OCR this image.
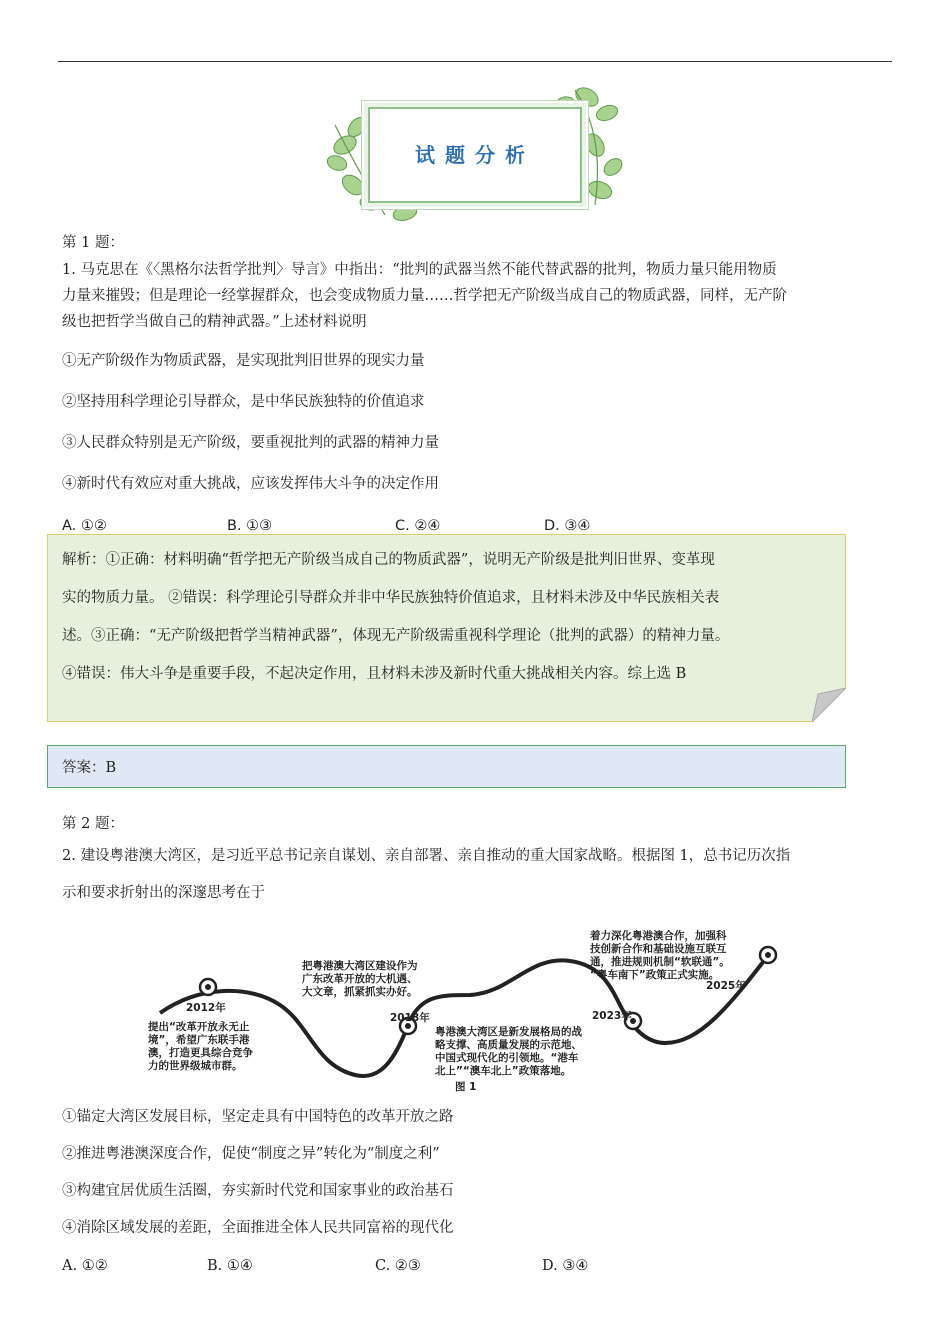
试题分析
第 1 题：
1. 马克思在《〈黑格尔法哲学批判〉导言》中指出：“批判的武器当然不能代替武器的批判，物质力量只能用物质
力量来摧毁；但是理论一经掌握群众，也会变成物质力量……哲学把无产阶级当成自己的物质武器，同样，无产阶
级也把哲学当做自己的精神武器。”上述材料说明
①无产阶级作为物质武器，是实现批判旧世界的现实力量
②坚持用科学理论引导群众，是中华民族独特的价值追求
③人民群众特别是无产阶级，要重视批判的武器的精神力量
④新时代有效应对重大挑战，应该发挥伟大斗争的决定作用
A. ①②	B. ①③	C. ②④	D. ③④
解析：①正确：材料明确“哲学把无产阶级当成自己的物质武器”，说明无产阶级是批判旧世界、变革现
实的物质力量。 ②错误：科学理论引导群众并非中华民族独特价值追求，且材料未涉及中华民族相关表
述。③正确：“无产阶级把哲学当精神武器”，体现无产阶级需重视科学理论（批判的武器）的精神力量。
④错误：伟大斗争是重要手段，不起决定作用，且材料未涉及新时代重大挑战相关内容。综上选 B
答案：B
第 2 题：
2. 建设粤港澳大湾区，是习近平总书记亲自谋划、亲自部署、亲自推动的重大国家战略。根据图 1，总书记历次指
示和要求折射出的深邃思考在于
2012年
2018年	2023年
2025年
提出“改革开放永无止
境”，希望广东联手港
澳，打造更具综合竞争
力的世界级城市群。
把粤港澳大湾区建设作为
广东改革开放的大机遇、
大文章，抓紧抓实办好。
粤港澳大湾区是新发展格局的战
略支撑、高质量发展的示范地、
中国式现代化的引领地。“港车
北上”“澳车北上”政策落地。
着力深化粤港澳合作，加强科
技创新合作和基础设施互联互
通，推进规则机制“软联通”。
“粤车南下”政策正式实施。
图 1
①锚定大湾区发展目标，坚定走具有中国特色的改革开放之路
②推进粤港澳深度合作，促使“制度之异”转化为“制度之利”
③构建宜居优质生活圈，夯实新时代党和国家事业的政治基石
④消除区域发展的差距，全面推进全体人民共同富裕的现代化
A. ①②	B. ①④	C. ②③	D. ③④
